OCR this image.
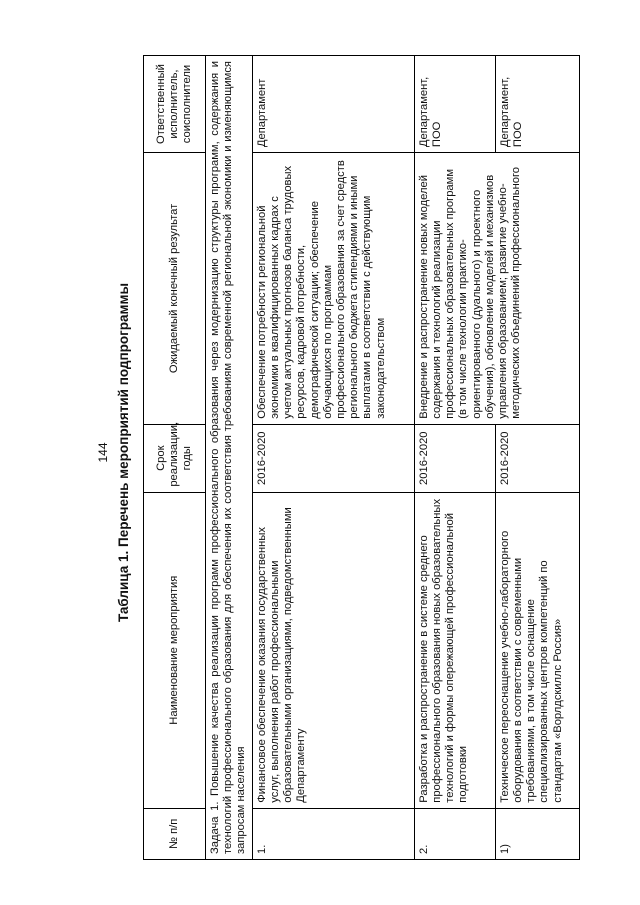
144 Таблица 1. Перечень мероприятий подпрограммы
№ п/п	Наименование мероприятия	Срок реализации, годы	Ожидаемый конечный результат	Ответственный исполнитель, соисполнители
Задача 1. Повышение качества реализации программ профессионального образования через модернизацию структуры программ, содержания и технологий профессионального образования для обеспечения их соответствия требованиям современной региональной экономики и изменяющимся запросам населения				
1.	Финансовое обеспечение оказания государственных услуг, выполнения работ профессиональными образовательными организациями, подведомственными Департаменту	2016-2020	Обеспечение потребности региональной экономики в квалифицированных кадрах с учетом актуальных прогнозов баланса трудовых ресурсов, кадровой потребности, демографической ситуации; обеспечение обучающихся по программам профессионального образования за счет средств регионального бюджета стипендиями и иными выплатами в соответствии с действующим законодательством	Департамент
2.	Разработка и распространение в системе среднего профессионального образования новых образовательных технологий и формы опережающей профессиональной подготовки	2016-2020	Внедрение и распространение новых моделей содержания и технологий реализации профессиональных образовательных программ (в том числе технологии практико-ориентированного (дуального) и проектного обучения), обновление моделей и механизмов управления образованием; развитие учебно-методических объединений профессионального	Департамент, ПОО
1)	Техническое переоснащение учебно-лабораторного оборудования в соответствии с современными требованиями, в том числе оснащение специализированных центров компетенций по стандартам «Ворлдскиллс Россия»	2016-2020		Департамент, ПОО
